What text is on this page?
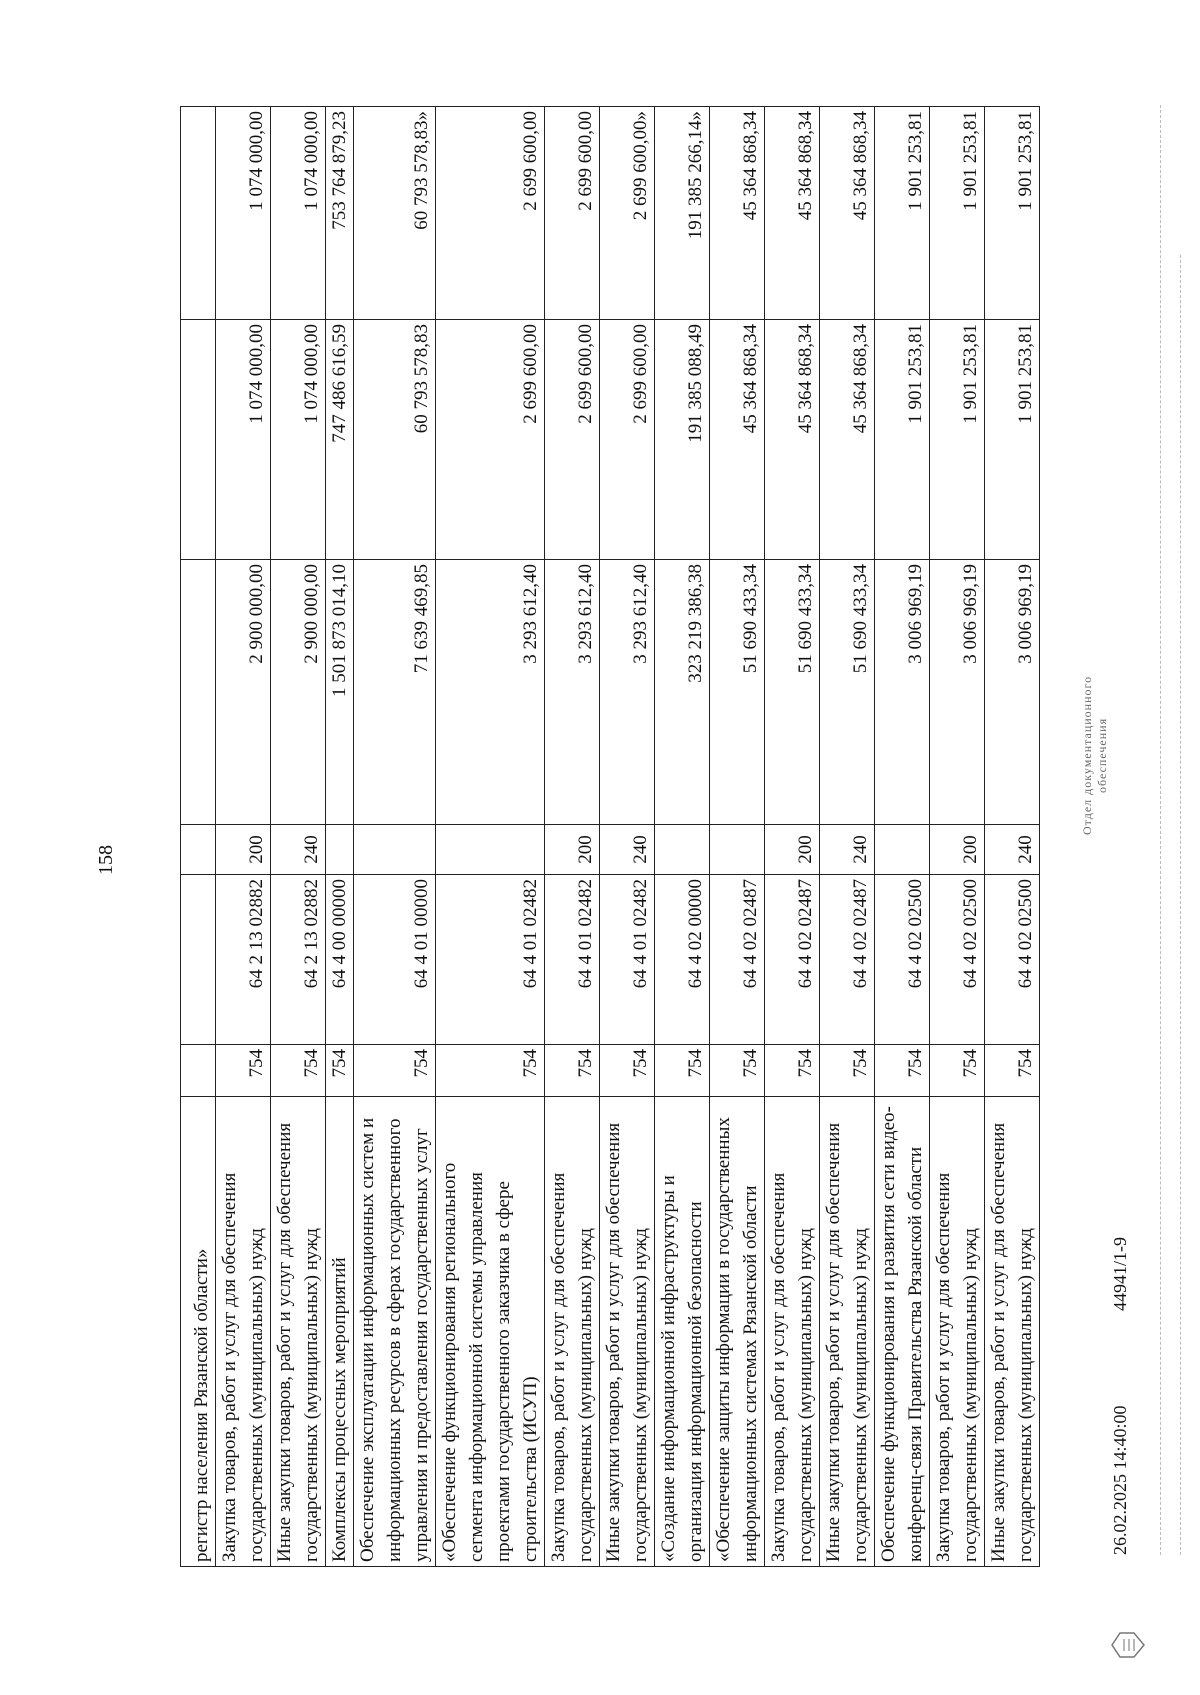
158
регистр населения Рязанской области»						
Закупка товаров, работ и услуг для обеспечения государственных (муниципальных) нужд	754	64 2 13 02882	200	2 900 000,00	1 074 000,00	1 074 000,00
Иные закупки товаров, работ и услуг для обеспечения государственных (муниципальных) нужд	754	64 2 13 02882	240	2 900 000,00	1 074 000,00	1 074 000,00
Комплексы процессных мероприятий	754	64 4 00 00000		1 501 873 014,10	747 486 616,59	753 764 879,23
Обеспечение эксплуатации информационных систем и информационных ресурсов в сферах государственного управления и предоставления государственных услуг	754	64 4 01 00000		71 639 469,85	60 793 578,83	60 793 578,83»
«Обеспечение функционирования регионального сегмента информационной системы управления проектами государственного заказчика в сфере строительства (ИСУП)	754	64 4 01 02482		3 293 612,40	2 699 600,00	2 699 600,00
Закупка товаров, работ и услуг для обеспечения государственных (муниципальных) нужд	754	64 4 01 02482	200	3 293 612,40	2 699 600,00	2 699 600,00
Иные закупки товаров, работ и услуг для обеспечения государственных (муниципальных) нужд	754	64 4 01 02482	240	3 293 612,40	2 699 600,00	2 699 600,00»
«Создание информационной инфраструктуры и организация информационной безопасности	754	64 4 02 00000		323 219 386,38	191 385 088,49	191 385 266,14»
«Обеспечение защиты информации в государственных информационных системах Рязанской области	754	64 4 02 02487		51 690 433,34	45 364 868,34	45 364 868,34
Закупка товаров, работ и услуг для обеспечения государственных (муниципальных) нужд	754	64 4 02 02487	200	51 690 433,34	45 364 868,34	45 364 868,34
Иные закупки товаров, работ и услуг для обеспечения государственных (муниципальных) нужд	754	64 4 02 02487	240	51 690 433,34	45 364 868,34	45 364 868,34
Обеспечение функционирования и развития сети видео-конференц-связи Правительства Рязанской области	754	64 4 02 02500		3 006 969,19	1 901 253,81	1 901 253,81
Закупка товаров, работ и услуг для обеспечения государственных (муниципальных) нужд	754	64 4 02 02500	200	3 006 969,19	1 901 253,81	1 901 253,81
Иные закупки товаров, работ и услуг для обеспечения государственных (муниципальных) нужд	754	64 4 02 02500	240	3 006 969,19	1 901 253,81	1 901 253,81
26.02.2025 14:40:00 44941/1-9
Отдел документационного обеспечения
